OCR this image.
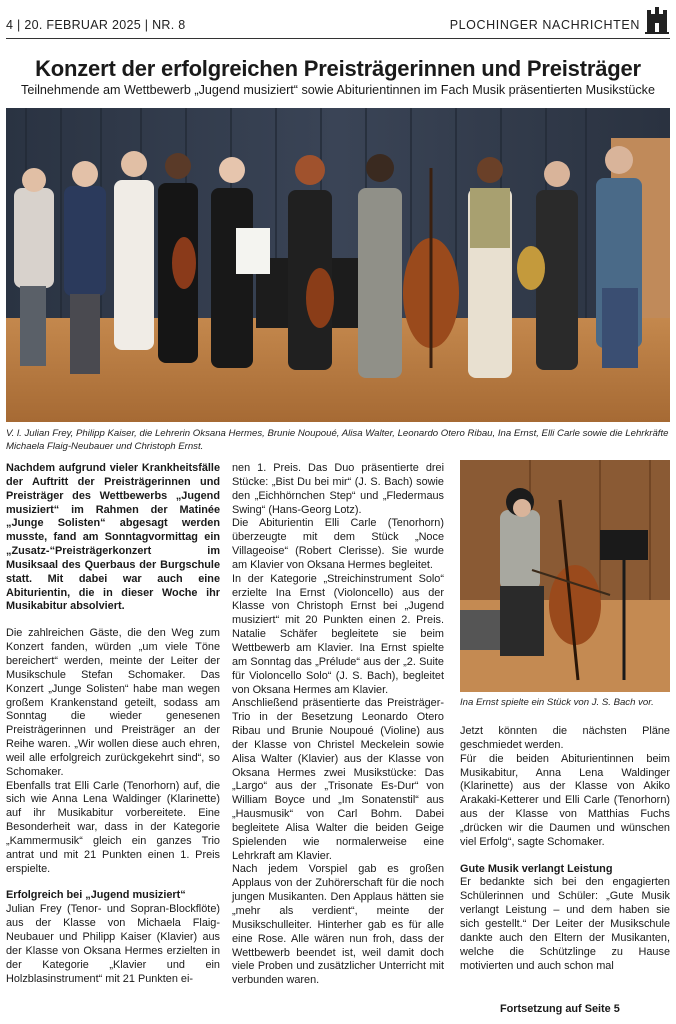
4 | 20. FEBRUAR 2025 | NR. 8	PLOCHINGER NACHRICHTEN
Konzert der erfolgreichen Preisträgerinnen und Preisträger
Teilnehmende am Wettbewerb „Jugend musiziert“ sowie Abiturientinnen im Fach Musik präsentierten Musikstücke
V. l. Julian Frey, Philipp Kaiser, die Lehrerin Oksana Hermes, Brunie Noupoué, Alisa Walter, Leonardo Otero Ribau, Ina Ernst, Elli Carle sowie die Lehrkräfte Michaela Flaig-Neubauer und Christoph Ernst.

Nachdem aufgrund vieler Krankheitsfälle der Auftritt der Preisträgerinnen und Preisträger des Wettbewerbs „Jugend musiziert“ im Rahmen der Matinée „Junge Solisten“ abgesagt werden musste, fand am Sonntagvormittag ein „Zusatz-“Preisträgerkonzert im Musiksaal des Querbaus der Burgschule statt. Mit dabei war auch eine Abiturientin, die in dieser Woche ihr Musikabitur absolviert.

Die zahlreichen Gäste, die den Weg zum Konzert fanden, würden „um viele Töne bereichert“ werden, meinte der Leiter der Musikschule Stefan Schomaker. Das Konzert „Junge Solisten“ habe man wegen großem Krankenstand geteilt, sodass am Sonntag die wieder genesenen Preisträgerinnen und Preisträger an der Reihe waren. „Wir wollen diese auch ehren, weil alle erfolgreich zurückgekehrt sind“, so Schomaker.

Ebenfalls trat Elli Carle (Tenorhorn) auf, die sich wie Anna Lena Waldinger (Klarinette) auf ihr Musikabitur vorbereitete. Eine Besonderheit war, dass in der Kategorie „Kammermusik“ gleich ein ganzes Trio antrat und mit 21 Punkten einen 1. Preis erspielte.

Erfolgreich bei „Jugend musiziert“

Julian Frey (Tenor- und Sopran-Blockflöte) aus der Klasse von Michaela Flaig-Neubauer und Philipp Kaiser (Klavier) aus der Klasse von Oksana Hermes erzielten in der Kategorie „Klavier und ein Holzblasinstrument“ mit 21 Punkten ei-

nen 1. Preis. Das Duo präsentierte drei Stücke: „Bist Du bei mir“ (J. S. Bach) sowie den „Eichhörnchen Step“ und „Fledermaus Swing“ (Hans-Georg Lotz).

Die Abiturientin Elli Carle (Tenorhorn) überzeugte mit dem Stück „Noce Villageoise“ (Robert Clerisse). Sie wurde am Klavier von Oksana Hermes begleitet.

In der Kategorie „Streichinstrument Solo“ erzielte Ina Ernst (Violoncello) aus der Klasse von Christoph Ernst bei „Jugend musiziert“ mit 20 Punkten einen 2. Preis. Natalie Schäfer begleitete sie beim Wettbewerb am Klavier. Ina Ernst spielte am Sonntag das „Prélude“ aus der „2. Suite für Violoncello Solo“ (J. S. Bach), begleitet von Oksana Hermes am Klavier.

Anschließend präsentierte das Preisträger-Trio in der Besetzung Leonardo Otero Ribau und Brunie Noupoué (Violine) aus der Klasse von Christel Meckelein sowie Alisa Walter (Klavier) aus der Klasse von Oksana Hermes zwei Musikstücke: Das „Largo“ aus der „Trisonate Es-Dur“ von William Boyce und „Im Sonatenstil“ aus „Hausmusik“ von Carl Bohm. Dabei begleitete Alisa Walter die beiden Geige Spielenden wie normalerweise eine Lehrkraft am Klavier.

Nach jedem Vorspiel gab es großen Applaus von der Zuhörerschaft für die noch jungen Musikanten. Den Applaus hätten sie „mehr als verdient“, meinte der Musikschulleiter. Hinterher gab es für alle eine Rose. Alle wären nun froh, dass der Wettbewerb beendet ist, weil damit doch viele Proben und zusätzlicher Unterricht mit verbunden waren.

Ina Ernst spielte ein Stück von J. S. Bach vor.

Jetzt könnten die nächsten Pläne geschmiedet werden.

Für die beiden Abiturientinnen beim Musikabitur, Anna Lena Waldinger (Klarinette) aus der Klasse von Akiko Arakaki-Ketterer und Elli Carle (Tenorhorn) aus der Klasse von Matthias Fuchs „drücken wir die Daumen und wünschen viel Erfolg“, sagte Schomaker.

Gute Musik verlangt Leistung

Er bedankte sich bei den engagierten Schülerinnen und Schüler: „Gute Musik verlangt Leistung – und dem haben sie sich gestellt.“ Der Leiter der Musikschule dankte auch den Eltern der Musikanten, welche die Schützlinge zu Hause motivierten und auch schon mal

Fortsetzung auf Seite 5
